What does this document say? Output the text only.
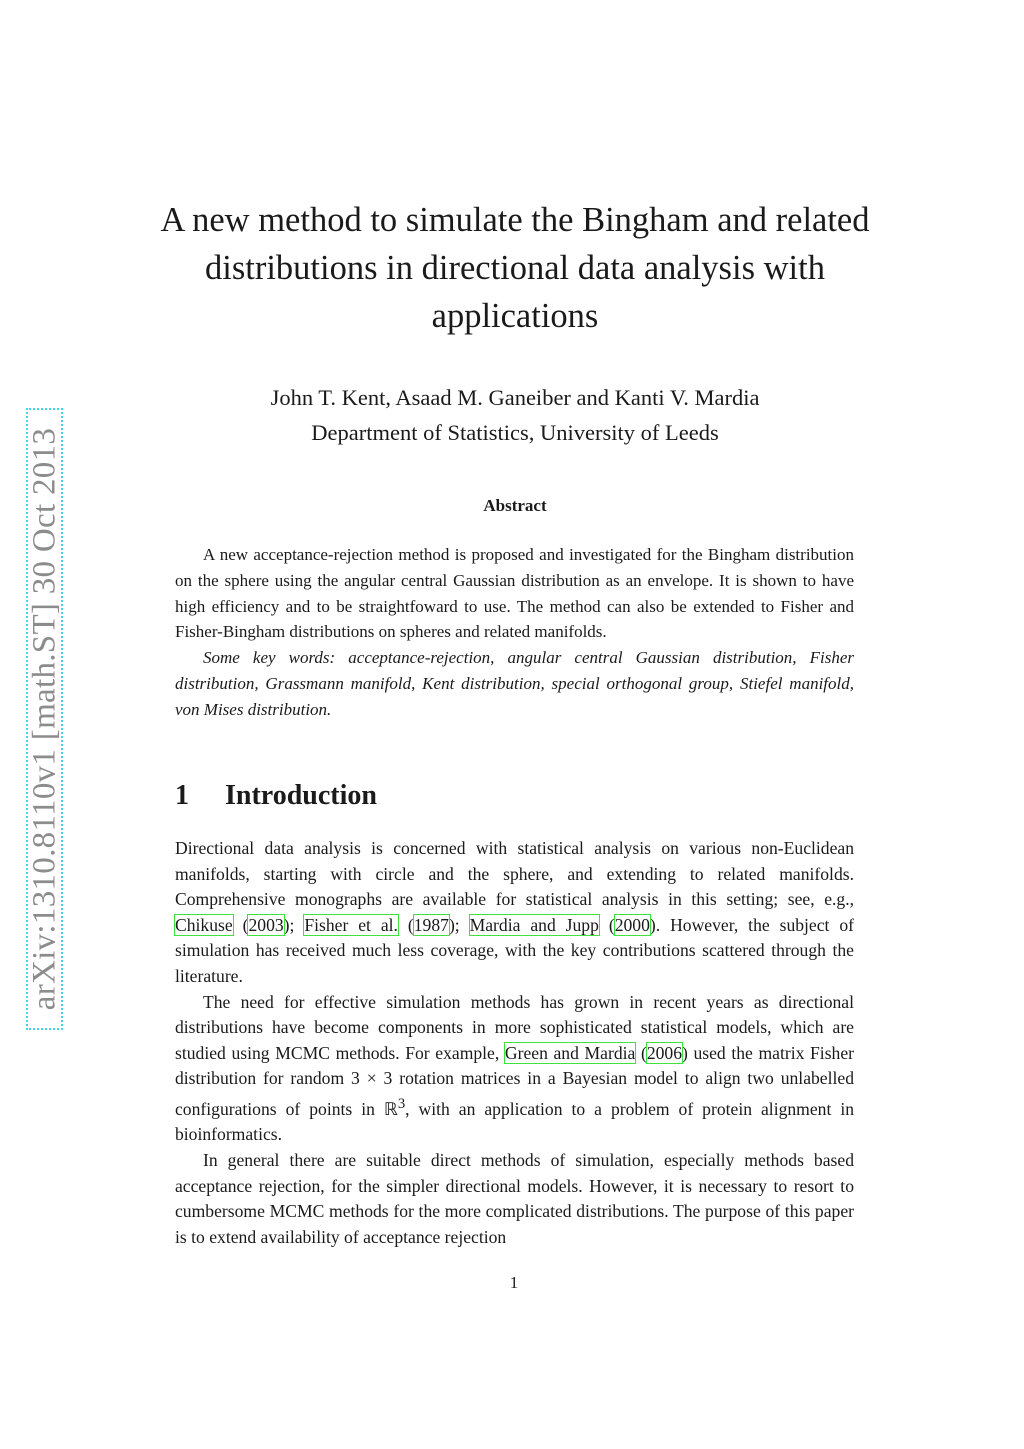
arXiv:1310.8110v1 [math.ST] 30 Oct 2013
A new method to simulate the Bingham and related
distributions in directional data analysis with
applications
John T. Kent, Asaad M. Ganeiber and Kanti V. Mardia
Department of Statistics, University of Leeds
Abstract

A new acceptance-rejection method is proposed and investigated for the Bingham distribution on the sphere using the angular central Gaussian distribution as an envelope. It is shown to have high efficiency and to be straightfoward to use. The method can also be extended to Fisher and Fisher-Bingham distributions on spheres and related manifolds.

Some key words: acceptance-rejection, angular central Gaussian distribution, Fisher distribution, Grassmann manifold, Kent distribution, special orthogonal group, Stiefel manifold, von Mises distribution.

1 Introduction

Directional data analysis is concerned with statistical analysis on various non-Euclidean manifolds, starting with circle and the sphere, and extending to related manifolds. Comprehensive monographs are available for statistical analysis in this setting; see, e.g., Chikuse (2003); Fisher et al. (1987); Mardia and Jupp (2000). However, the subject of simulation has received much less coverage, with the key contributions scattered through the literature.

The need for effective simulation methods has grown in recent years as directional distributions have become components in more sophisticated statistical models, which are studied using MCMC methods. For example, Green and Mardia (2006) used the matrix Fisher distribution for random 3 × 3 rotation matrices in a Bayesian model to align two unlabelled configurations of points in ℝ$^3$, with an application to a problem of protein alignment in bioinformatics.

In general there are suitable direct methods of simulation, especially methods based acceptance rejection, for the simpler directional models. However, it is necessary to resort to cumbersome MCMC methods for the more complicated distributions. The purpose of this paper is to extend availability of acceptance rejection

1
